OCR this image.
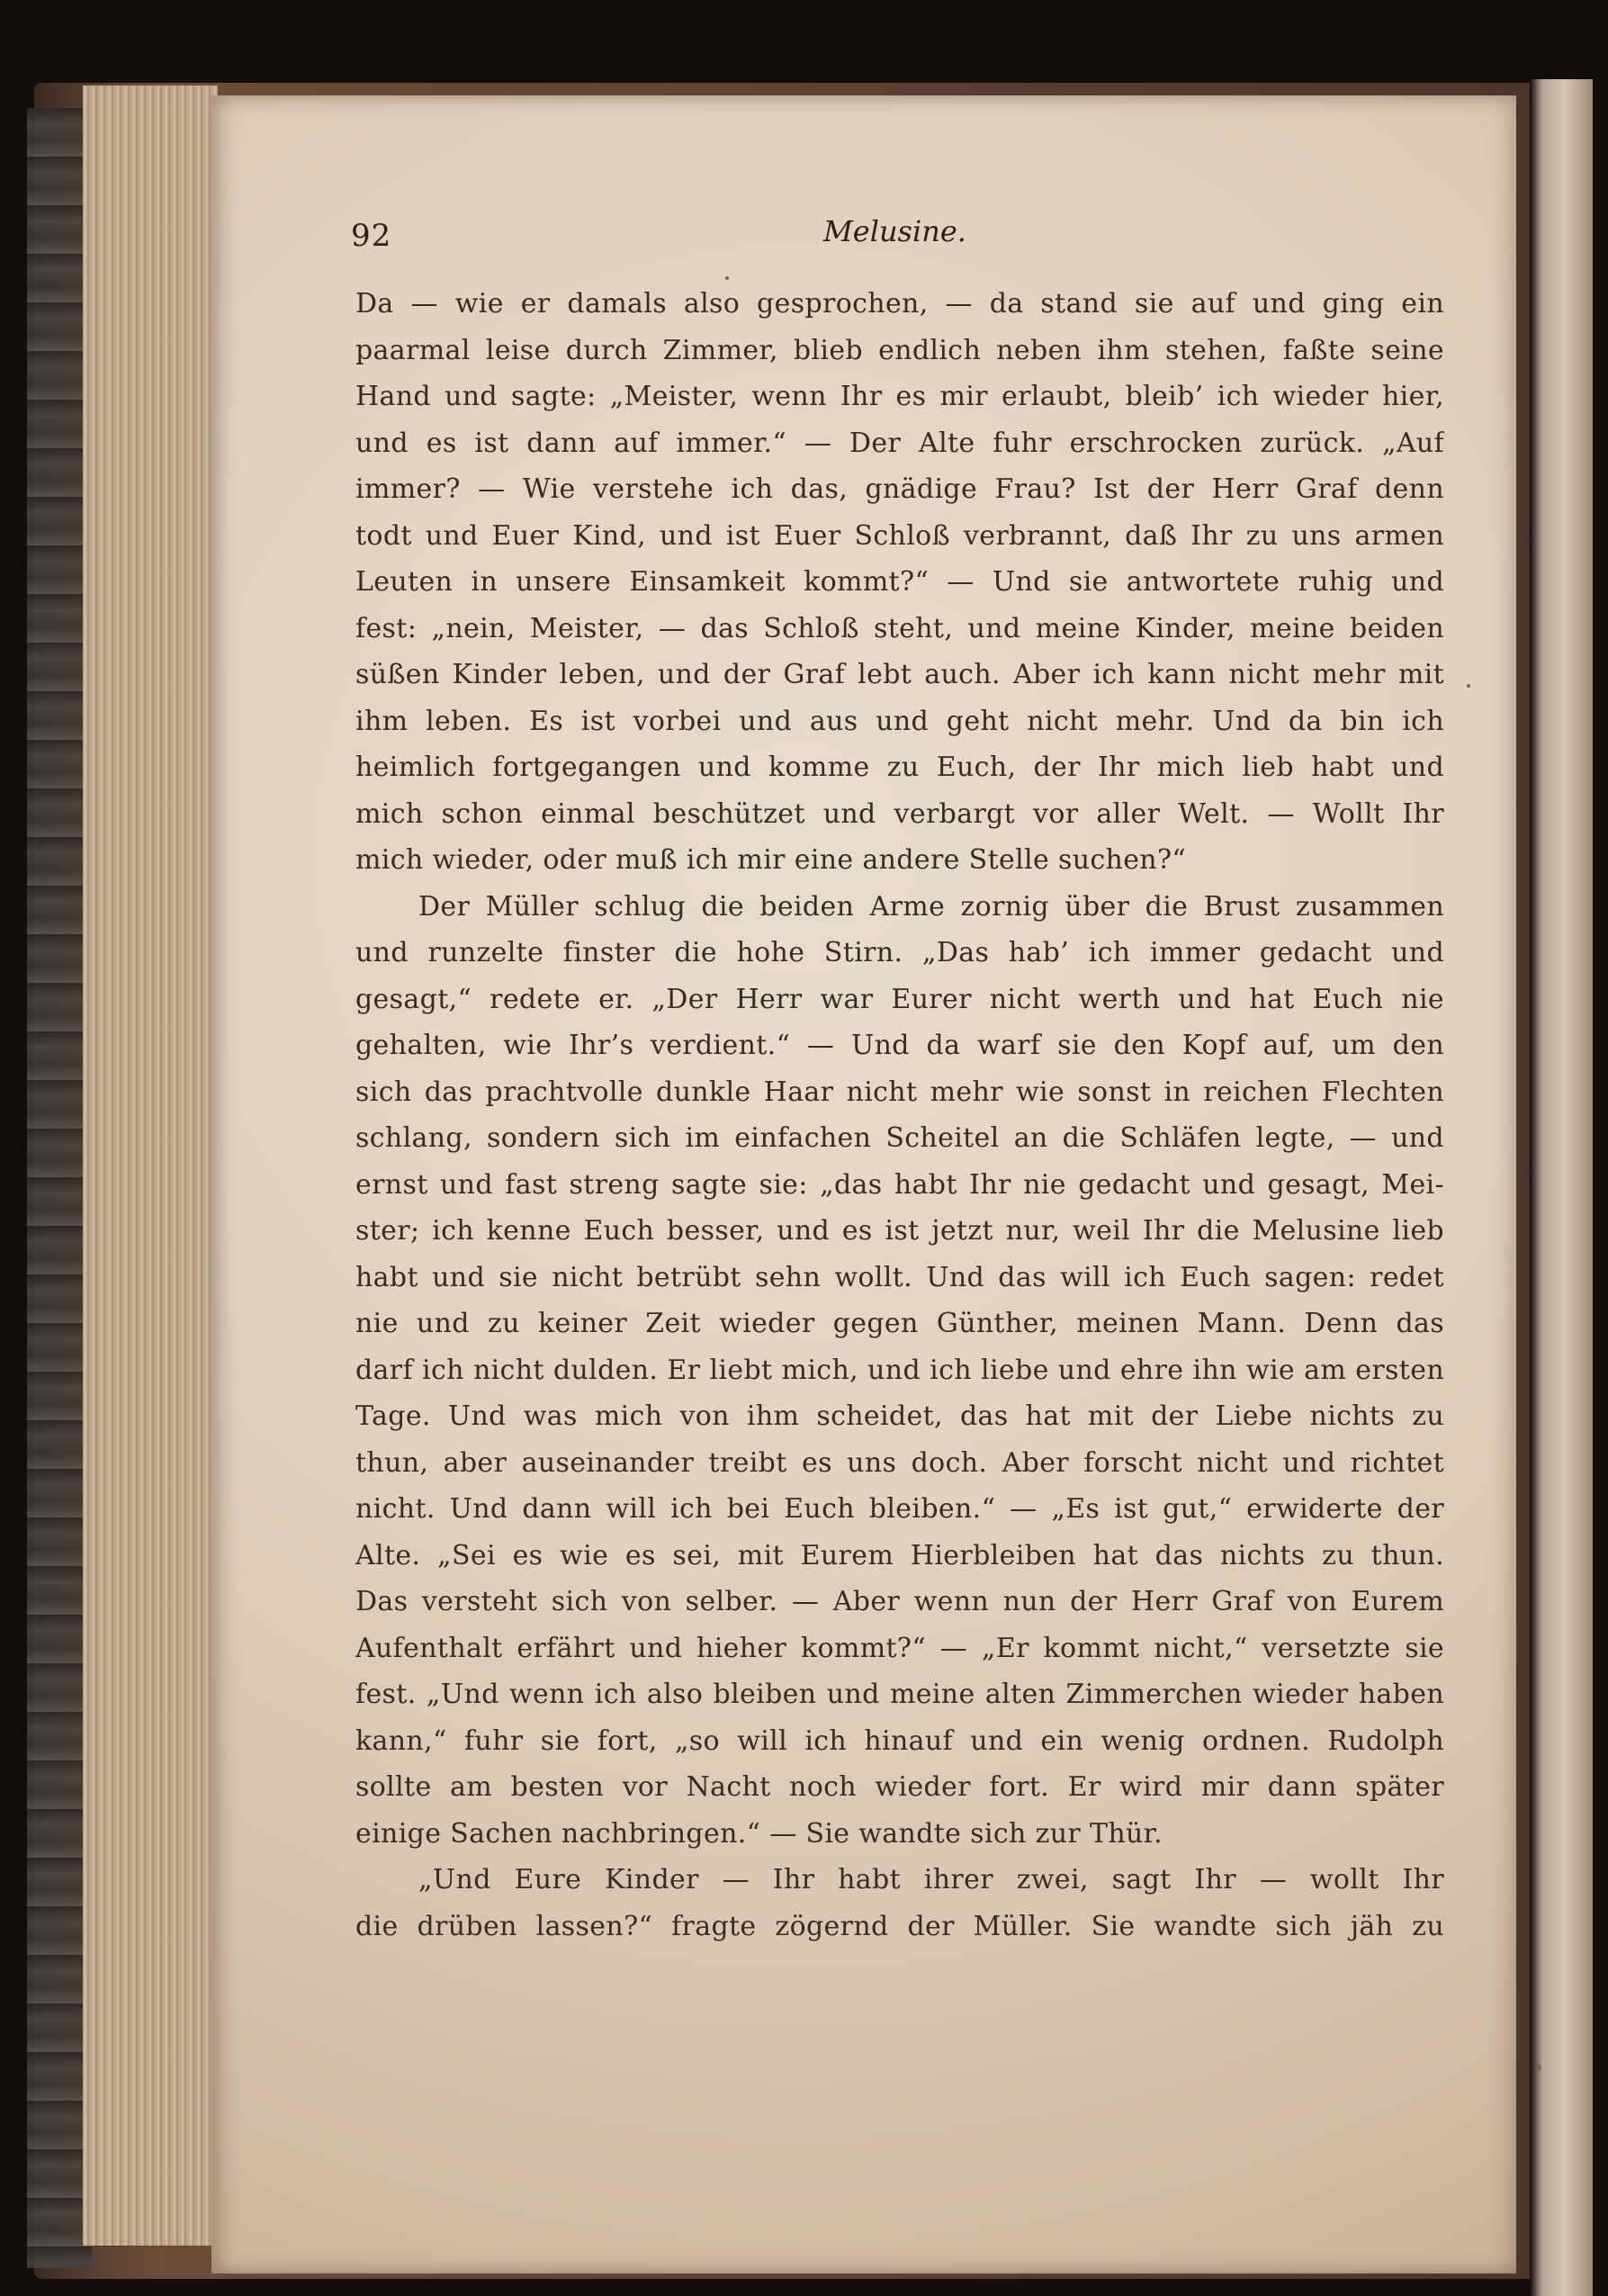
92	Melusine.
Da — wie er damals also gesprochen, — da stand sie auf und ging ein
paarmal leise durch Zimmer, blieb endlich neben ihm stehen, faßte seine
Hand und sagte: „Meister, wenn Ihr es mir erlaubt, bleib’ ich wieder hier,
und es ist dann auf immer.“ — Der Alte fuhr erschrocken zurück. „Auf
immer? — Wie verstehe ich das, gnädige Frau? Ist der Herr Graf denn
todt und Euer Kind, und ist Euer Schloß verbrannt, daß Ihr zu uns armen
Leuten in unsere Einsamkeit kommt?“ — Und sie antwortete ruhig und
fest: „nein, Meister, — das Schloß steht, und meine Kinder, meine beiden
süßen Kinder leben, und der Graf lebt auch. Aber ich kann nicht mehr mit
ihm leben. Es ist vorbei und aus und geht nicht mehr. Und da bin ich
heimlich fortgegangen und komme zu Euch, der Ihr mich lieb habt und
mich schon einmal beschützet und verbargt vor aller Welt. — Wollt Ihr
mich wieder, oder muß ich mir eine andere Stelle suchen?“
Der Müller schlug die beiden Arme zornig über die Brust zusammen
und runzelte finster die hohe Stirn. „Das hab’ ich immer gedacht und
gesagt,“ redete er. „Der Herr war Eurer nicht werth und hat Euch nie
gehalten, wie Ihr’s verdient.“ — Und da warf sie den Kopf auf, um den
sich das prachtvolle dunkle Haar nicht mehr wie sonst in reichen Flechten
schlang, sondern sich im einfachen Scheitel an die Schläfen legte, — und
ernst und fast streng sagte sie: „das habt Ihr nie gedacht und gesagt, Mei-
ster; ich kenne Euch besser, und es ist jetzt nur, weil Ihr die Melusine lieb
habt und sie nicht betrübt sehn wollt. Und das will ich Euch sagen: redet
nie und zu keiner Zeit wieder gegen Günther, meinen Mann. Denn das
darf ich nicht dulden. Er liebt mich, und ich liebe und ehre ihn wie am ersten
Tage. Und was mich von ihm scheidet, das hat mit der Liebe nichts zu
thun, aber auseinander treibt es uns doch. Aber forscht nicht und richtet
nicht. Und dann will ich bei Euch bleiben.“ — „Es ist gut,“ erwiderte der
Alte. „Sei es wie es sei, mit Eurem Hierbleiben hat das nichts zu thun.
Das versteht sich von selber. — Aber wenn nun der Herr Graf von Eurem
Aufenthalt erfährt und hieher kommt?“ — „Er kommt nicht,“ versetzte sie
fest. „Und wenn ich also bleiben und meine alten Zimmerchen wieder haben
kann,“ fuhr sie fort, „so will ich hinauf und ein wenig ordnen. Rudolph
sollte am besten vor Nacht noch wieder fort. Er wird mir dann später
einige Sachen nachbringen.“ — Sie wandte sich zur Thür.
„Und Eure Kinder — Ihr habt ihrer zwei, sagt Ihr — wollt Ihr
die drüben lassen?“ fragte zögernd der Müller. Sie wandte sich jäh zu
